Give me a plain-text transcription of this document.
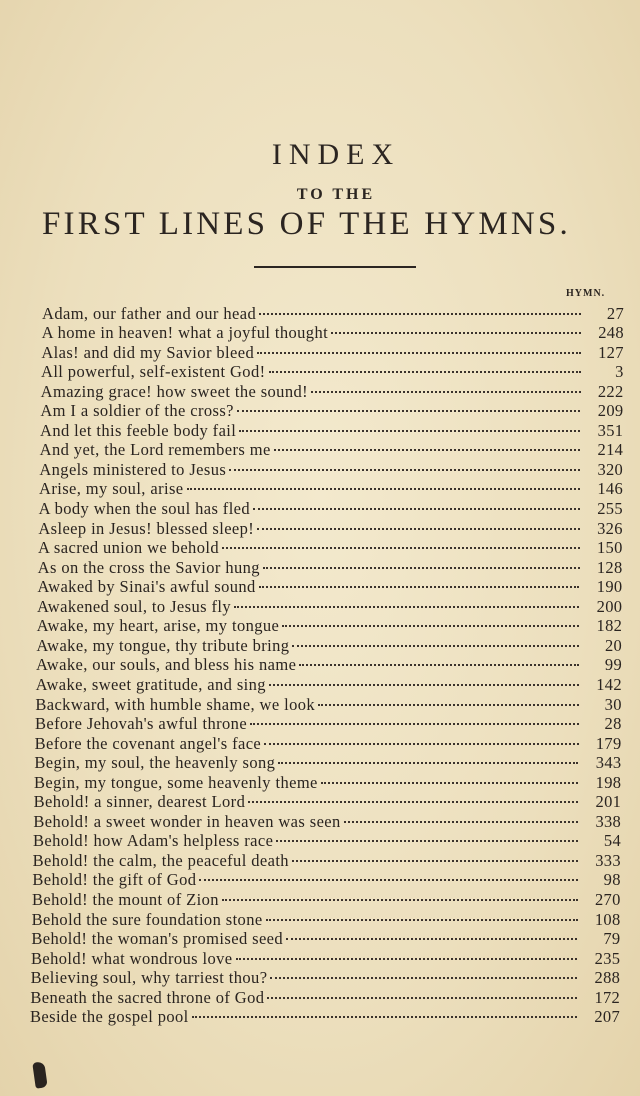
INDEX
TO THE
FIRST LINES OF THE HYMNS.
HYMN.
Adam, our father and our head	27
A home in heaven! what a joyful thought	248
Alas! and did my Savior bleed	127
All powerful, self-existent God!	3
Amazing grace! how sweet the sound!	222
Am I a soldier of the cross?	209
And let this feeble body fail	351
And yet, the Lord remembers me	214
Angels ministered to Jesus	320
Arise, my soul, arise	146
A body when the soul has fled	255
Asleep in Jesus! blessed sleep!	326
A sacred union we behold	150
As on the cross the Savior hung	128
Awaked by Sinai's awful sound	190
Awakened soul, to Jesus fly	200
Awake, my heart, arise, my tongue	182
Awake, my tongue, thy tribute bring	20
Awake, our souls, and bless his name	99
Awake, sweet gratitude, and sing	142
Backward, with humble shame, we look	30
Before Jehovah's awful throne	28
Before the covenant angel's face	179
Begin, my soul, the heavenly song	343
Begin, my tongue, some heavenly theme	198
Behold! a sinner, dearest Lord	201
Behold! a sweet wonder in heaven was seen	338
Behold! how Adam's helpless race	54
Behold! the calm, the peaceful death	333
Behold! the gift of God	98
Behold! the mount of Zion	270
Behold the sure foundation stone	108
Behold! the woman's promised seed	79
Behold! what wondrous love	235
Believing soul, why tarriest thou?	288
Beneath the sacred throne of God	172
Beside the gospel pool	207
